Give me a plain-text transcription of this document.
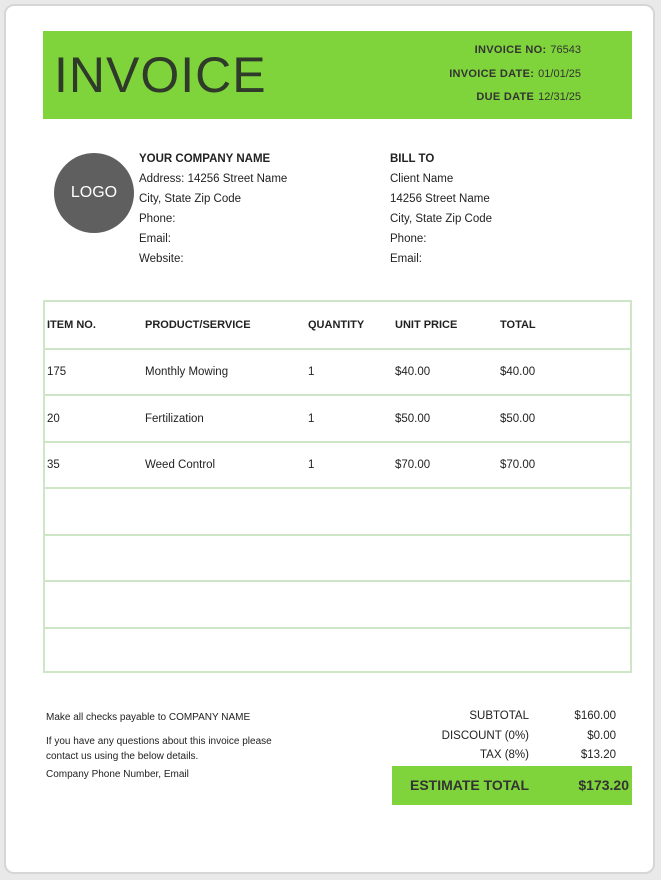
INVOICE	INVOICE NO: 76543
INVOICE DATE: 01/01/25
DUE DATE 12/31/25
LOGO
YOUR COMPANY NAME
Address: 14256 Street Name
City, State Zip Code
Phone:
Email:
Website:
BILL TO
Client Name
14256 Street Name
City, State Zip Code
Phone:
Email:
ITEM NO.	PRODUCT/SERVICE	QUANTITY	UNIT PRICE	TOTAL
175	Monthly Mowing	1	$40.00	$40.00
20	Fertilization	1	$50.00	$50.00
35	Weed Control	1	$70.00	$70.00
Make all checks payable to COMPANY NAME
If you have any questions about this invoice please
contact us using the below details.
Company Phone Number, Email
SUBTOTAL	$160.00
DISCOUNT (0%)	$0.00
TAX (8%)	$13.20
ESTIMATE TOTAL	$173.20
